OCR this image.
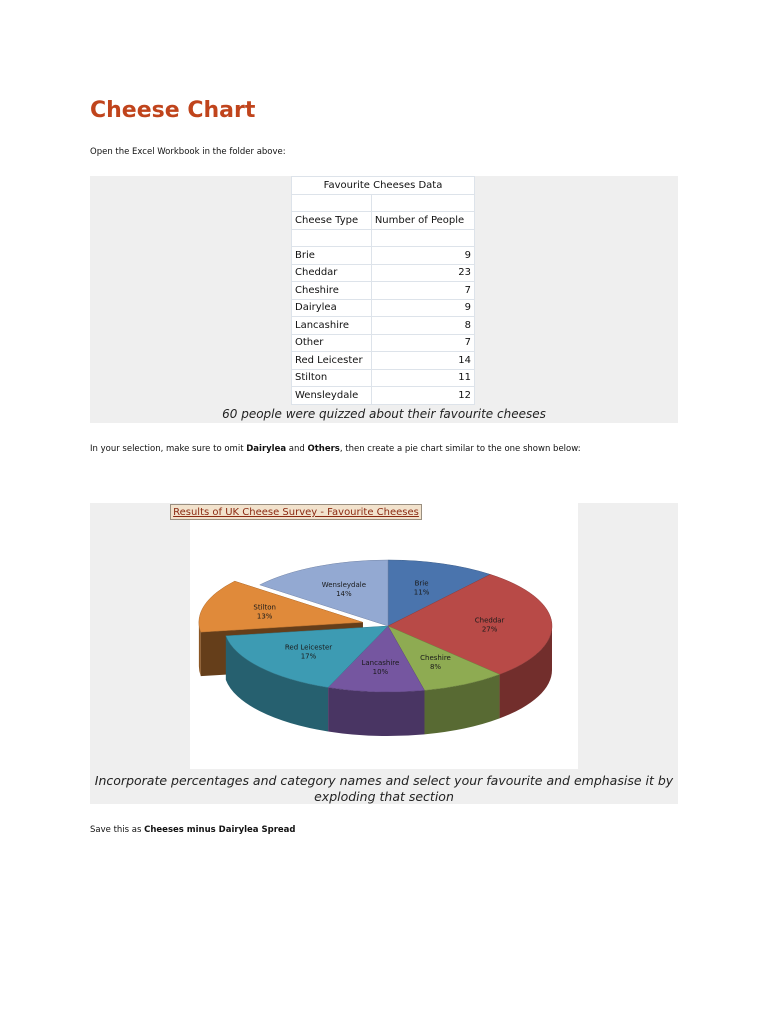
Cheese Chart
Open the Excel Workbook in the folder above:
Favourite Cheeses Data	

Cheese Type	Number of People

Brie	9
Cheddar	23
Cheshire	7
Dairylea	9
Lancashire	8
Other	7
Red Leicester	14
Stilton	11
Wensleydale	12
60 people were quizzed about their favourite cheeses
In your selection, make sure to omit Dairylea and Others, then create a pie chart similar to the one shown below:
Incorporate percentages and category names and select your favourite and emphasise it by
exploding that section
Brie
11%
Cheddar
27%
Cheshire
8%
Lancashire
10%
Red Leicester
17%
Stilton
13%
Wensleydale
14%
Results of UK Cheese Survey - Favourite Cheeses
Save this as Cheeses minus Dairylea Spread
